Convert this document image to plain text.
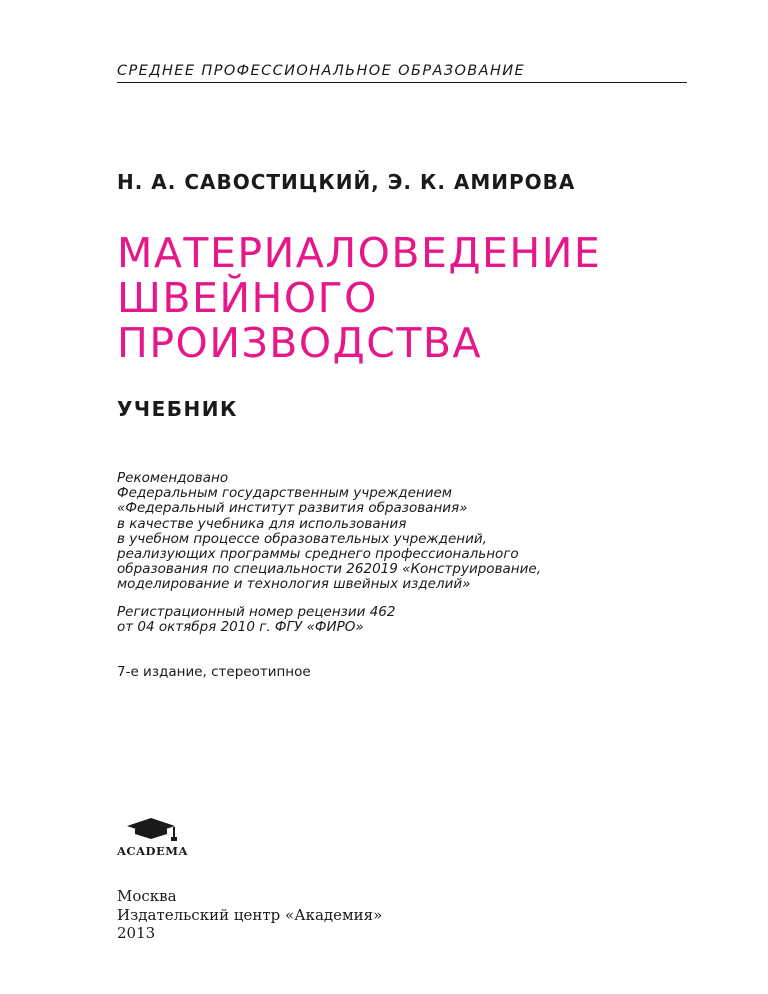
СРЕДНЕЕ ПРОФЕССИОНАЛЬНОЕ ОБРАЗОВАНИЕ
Н. А. САВОСТИЦКИЙ, Э. К. АМИРОВА
МАТЕРИАЛОВЕДЕНИЕ
ШВЕЙНОГО
ПРОИЗВОДСТВА
УЧЕБНИК
Рекомендовано
Федеральным государственным учреждением
«Федеральный институт развития образования»
в качестве учебника для использования
в учебном процессе образовательных учреждений,
реализующих программы среднего профессионального
образования по специальности 262019 «Конструирование,
моделирование и технология швейных изделий»
Регистрационный номер рецензии 462
от 04 октября 2010 г. ФГУ «ФИРО»
7-е издание, стереотипное
ACADEMA
Москва
Издательский центр «Академия»
2013
